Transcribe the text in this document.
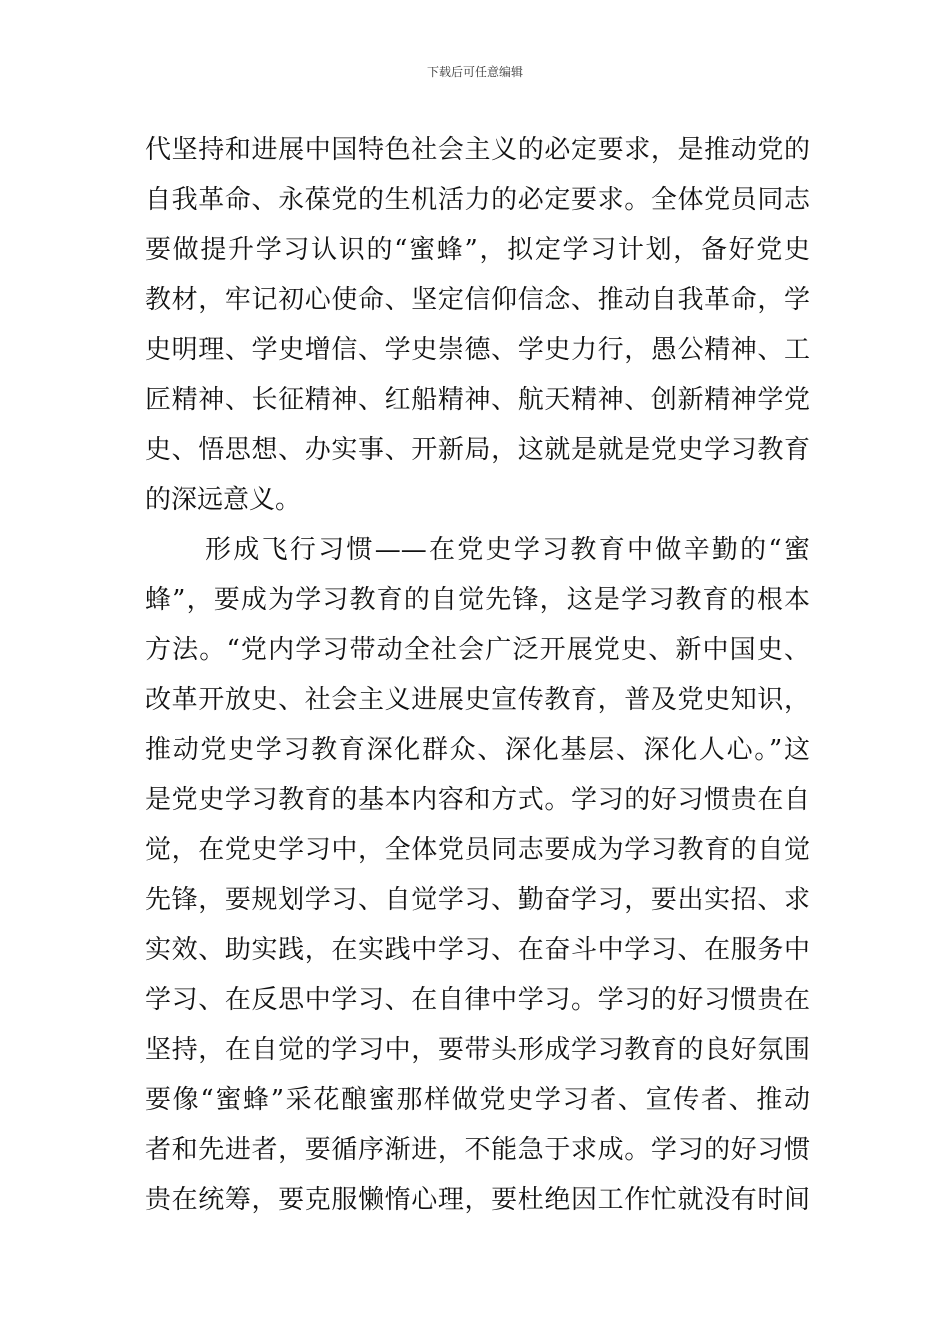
下载后可任意编辑
代坚持和进展中国特色社会主义的必定要求，是推动党的
自我革命、永葆党的生机活力的必定要求。全体党员同志
要做提升学习认识的“蜜蜂”，拟定学习计划，备好党史
教材，牢记初心使命、坚定信仰信念、推动自我革命，学
史明理、学史增信、学史崇德、学史力行，愚公精神、工
匠精神、长征精神、红船精神、航天精神、创新精神学党
史、悟思想、办实事、开新局，这就是就是党史学习教育
的深远意义。
形成飞行习惯——在党史学习教育中做辛勤的“蜜
蜂”，要成为学习教育的自觉先锋，这是学习教育的根本
方法。“党内学习带动全社会广泛开展党史、新中国史、
改革开放史、社会主义进展史宣传教育，普及党史知识，
推动党史学习教育深化群众、深化基层、深化人心。”这
是党史学习教育的基本内容和方式。学习的好习惯贵在自
觉，在党史学习中，全体党员同志要成为学习教育的自觉
先锋，要规划学习、自觉学习、勤奋学习，要出实招、求
实效、助实践，在实践中学习、在奋斗中学习、在服务中
学习、在反思中学习、在自律中学习。学习的好习惯贵在
坚持，在自觉的学习中，要带头形成学习教育的良好氛围
要像“蜜蜂”采花酿蜜那样做党史学习者、宣传者、推动
者和先进者，要循序渐进，不能急于求成。学习的好习惯
贵在统筹，要克服懒惰心理，要杜绝因工作忙就没有时间
